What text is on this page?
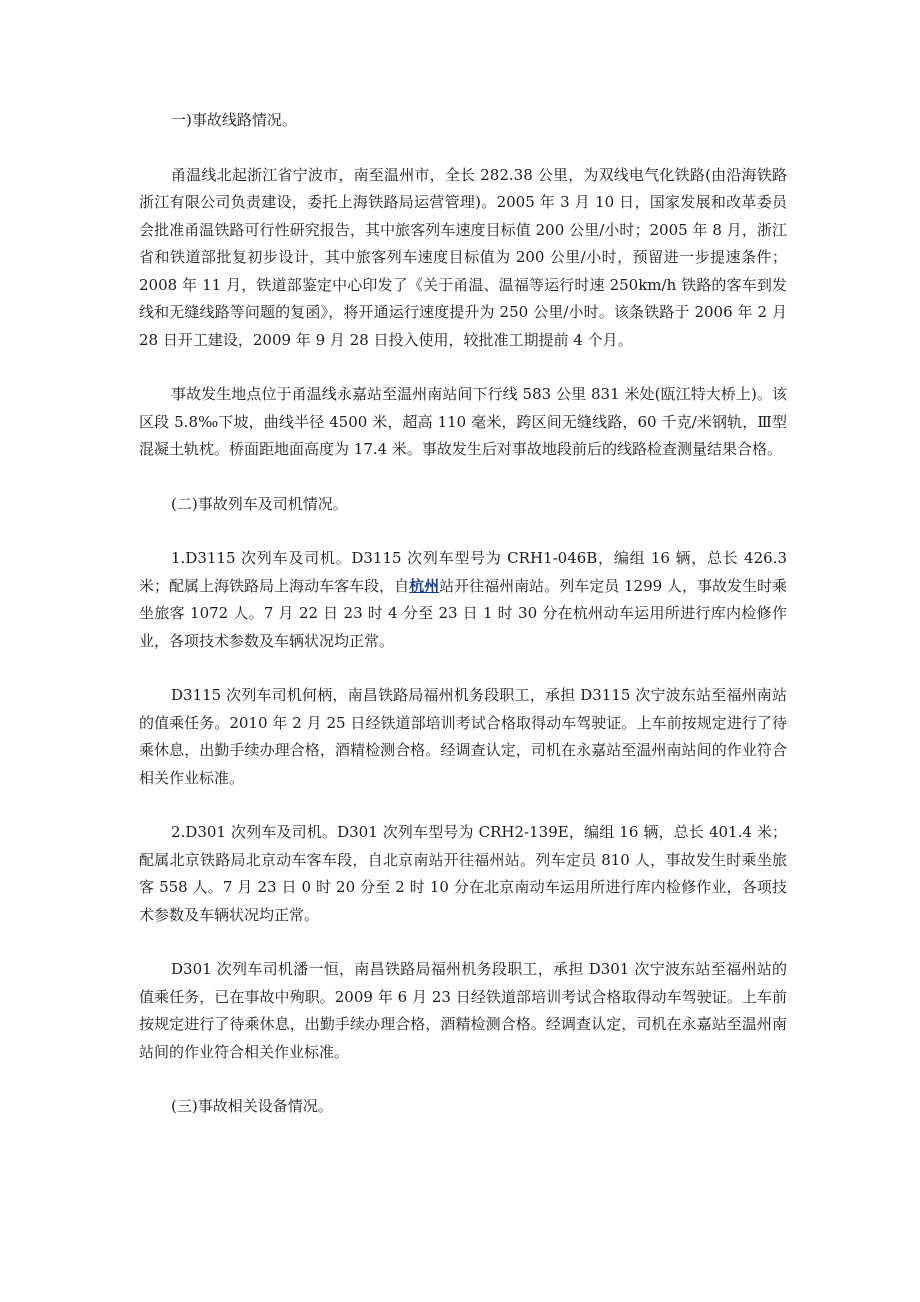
一)事故线路情况。

甬温线北起浙江省宁波市，南至温州市，全长 282.38 公里，为双线电气化铁路(由沿海铁路浙江有限公司负责建设，委托上海铁路局运营管理)。2005 年 3 月 10 日，国家发展和改革委员会批准甬温铁路可行性研究报告，其中旅客列车速度目标值 200 公里/小时；2005 年 8 月，浙江省和铁道部批复初步设计，其中旅客列车速度目标值为 200 公里/小时，预留进一步提速条件；2008 年 11 月，铁道部鉴定中心印发了《关于甬温、温福等运行时速 250km/h 铁路的客车到发线和无缝线路等问题的复函》，将开通运行速度提升为 250 公里/小时。该条铁路于 2006 年 2 月 28 日开工建设，2009 年 9 月 28 日投入使用，较批准工期提前 4 个月。

事故发生地点位于甬温线永嘉站至温州南站间下行线 583 公里 831 米处(瓯江特大桥上)。该区段 5.8‰下坡，曲线半径 4500 米，超高 110 毫米，跨区间无缝线路，60 千克/米钢轨，Ⅲ型混凝土轨枕。桥面距地面高度为 17.4 米。事故发生后对事故地段前后的线路检查测量结果合格。

(二)事故列车及司机情况。

1.D3115 次列车及司机。D3115 次列车型号为 CRH1-046B，编组 16 辆，总长 426.3 米；配属上海铁路局上海动车客车段，自杭州站开往福州南站。列车定员 1299 人，事故发生时乘坐旅客 1072 人。7 月 22 日 23 时 4 分至 23 日 1 时 30 分在杭州动车运用所进行库内检修作业，各项技术参数及车辆状况均正常。

D3115 次列车司机何柄，南昌铁路局福州机务段职工，承担 D3115 次宁波东站至福州南站的值乘任务。2010 年 2 月 25 日经铁道部培训考试合格取得动车驾驶证。上车前按规定进行了待乘休息，出勤手续办理合格，酒精检测合格。经调查认定，司机在永嘉站至温州南站间的作业符合相关作业标准。

2.D301 次列车及司机。D301 次列车型号为 CRH2-139E，编组 16 辆，总长 401.4 米；配属北京铁路局北京动车客车段，自北京南站开往福州站。列车定员 810 人，事故发生时乘坐旅客 558 人。7 月 23 日 0 时 20 分至 2 时 10 分在北京南动车运用所进行库内检修作业，各项技术参数及车辆状况均正常。

D301 次列车司机潘一恒，南昌铁路局福州机务段职工，承担 D301 次宁波东站至福州站的值乘任务，已在事故中殉职。2009 年 6 月 23 日经铁道部培训考试合格取得动车驾驶证。上车前按规定进行了待乘休息，出勤手续办理合格，酒精检测合格。经调查认定，司机在永嘉站至温州南站间的作业符合相关作业标准。

(三)事故相关设备情况。
